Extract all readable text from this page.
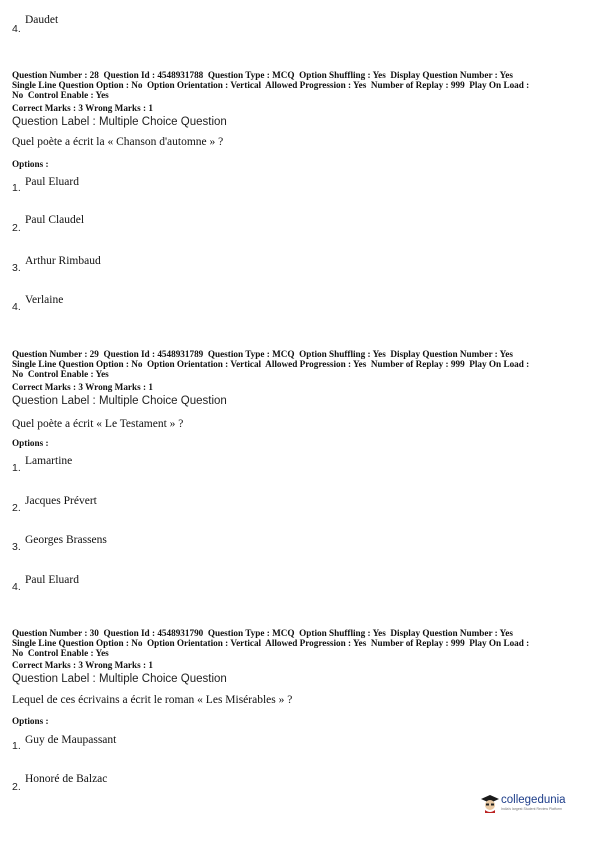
4.
Daudet
Question Number : 28  Question Id : 4548931788  Question Type : MCQ  Option Shuffling : Yes  Display Question Number : Yes
Single Line Question Option : No  Option Orientation : Vertical  Allowed Progression : Yes  Number of Replay : 999  Play On Load :
No  Control Enable : Yes
Correct Marks : 3 Wrong Marks : 1
Question Label : Multiple Choice Question
Quel poète a écrit la « Chanson d'automne » ?
Options :
1. Paul Eluard
2.
Paul Claudel
3.
Arthur Rimbaud
4.
Verlaine
Question Number : 29  Question Id : 4548931789  Question Type : MCQ  Option Shuffling : Yes  Display Question Number : Yes
Single Line Question Option : No  Option Orientation : Vertical  Allowed Progression : Yes  Number of Replay : 999  Play On Load :
No  Control Enable : Yes
Correct Marks : 3 Wrong Marks : 1
Question Label : Multiple Choice Question
Quel poète a écrit « Le Testament » ?
Options :
1.
Lamartine
2.
Jacques Prévert
3.
Georges Brassens
4.
Paul Eluard
Question Number : 30  Question Id : 4548931790  Question Type : MCQ  Option Shuffling : Yes  Display Question Number : Yes
Single Line Question Option : No  Option Orientation : Vertical  Allowed Progression : Yes  Number of Replay : 999  Play On Load :
No  Control Enable : Yes
Correct Marks : 3 Wrong Marks : 1
Question Label : Multiple Choice Question
Lequel de ces écrivains a écrit le roman « Les Misérables » ?
Options :
1. Guy de Maupassant
2.
Honoré de Balzac
collegedunia
India's largest Student Review Platform
